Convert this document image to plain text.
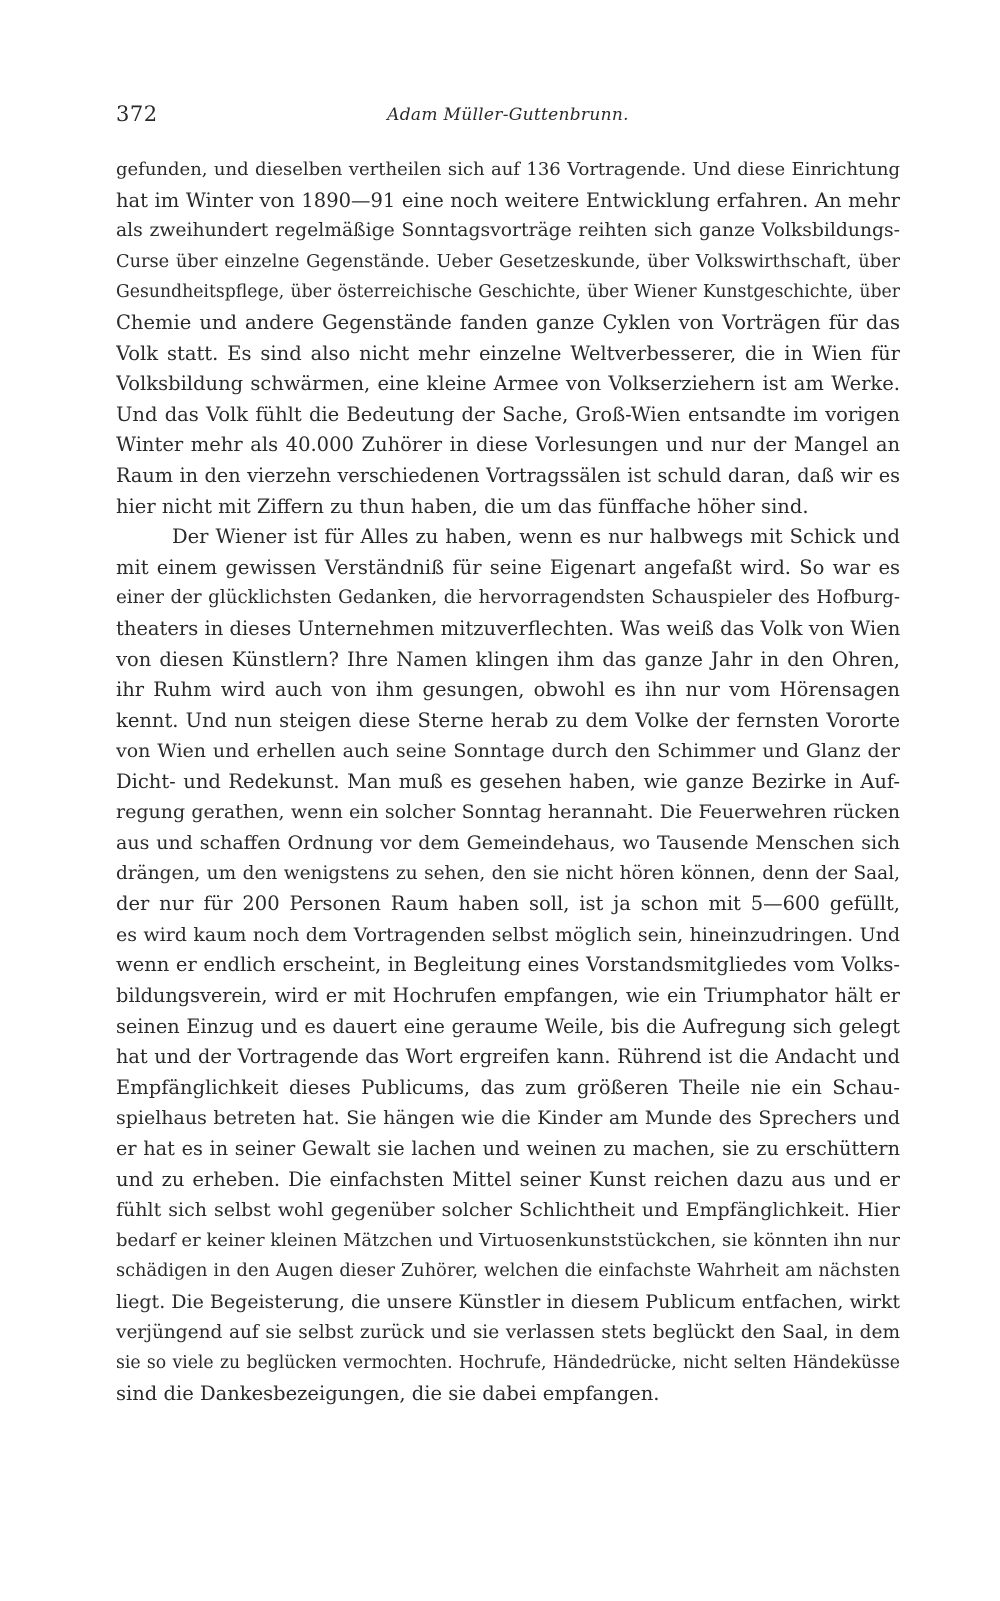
372	Adam Müller-Guttenbrunn.
gefunden, und dieselben vertheilen sich auf 136 Vortragende. Und diese Einrichtung
hat im Winter von 1890—91 eine noch weitere Entwicklung erfahren. An mehr
als zweihundert regelmäßige Sonntagsvorträge reihten sich ganze Volksbildungs-
Curse über einzelne Gegenstände. Ueber Gesetzeskunde, über Volkswirthschaft, über
Gesundheitspflege, über österreichische Geschichte, über Wiener Kunstgeschichte, über
Chemie und andere Gegenstände fanden ganze Cyklen von Vorträgen für das
Volk statt. Es sind also nicht mehr einzelne Weltverbesserer, die in Wien für
Volksbildung schwärmen, eine kleine Armee von Volkserziehern ist am Werke.
Und das Volk fühlt die Bedeutung der Sache, Groß-Wien entsandte im vorigen
Winter mehr als 40.000 Zuhörer in diese Vorlesungen und nur der Mangel an
Raum in den vierzehn verschiedenen Vortragssälen ist schuld daran, daß wir es
hier nicht mit Ziffern zu thun haben, die um das fünffache höher sind.
Der Wiener ist für Alles zu haben, wenn es nur halbwegs mit Schick und
mit einem gewissen Verständniß für seine Eigenart angefaßt wird. So war es
einer der glücklichsten Gedanken, die hervorragendsten Schauspieler des Hofburg-
theaters in dieses Unternehmen mitzuverflechten. Was weiß das Volk von Wien
von diesen Künstlern? Ihre Namen klingen ihm das ganze Jahr in den Ohren,
ihr Ruhm wird auch von ihm gesungen, obwohl es ihn nur vom Hörensagen
kennt. Und nun steigen diese Sterne herab zu dem Volke der fernsten Vororte
von Wien und erhellen auch seine Sonntage durch den Schimmer und Glanz der
Dicht- und Redekunst. Man muß es gesehen haben, wie ganze Bezirke in Auf-
regung gerathen, wenn ein solcher Sonntag herannaht. Die Feuerwehren rücken
aus und schaffen Ordnung vor dem Gemeindehaus, wo Tausende Menschen sich
drängen, um den wenigstens zu sehen, den sie nicht hören können, denn der Saal,
der nur für 200 Personen Raum haben soll, ist ja schon mit 5—600 gefüllt,
es wird kaum noch dem Vortragenden selbst möglich sein, hineinzudringen. Und
wenn er endlich erscheint, in Begleitung eines Vorstandsmitgliedes vom Volks-
bildungsverein, wird er mit Hochrufen empfangen, wie ein Triumphator hält er
seinen Einzug und es dauert eine geraume Weile, bis die Aufregung sich gelegt
hat und der Vortragende das Wort ergreifen kann. Rührend ist die Andacht und
Empfänglichkeit dieses Publicums, das zum größeren Theile nie ein Schau-
spielhaus betreten hat. Sie hängen wie die Kinder am Munde des Sprechers und
er hat es in seiner Gewalt sie lachen und weinen zu machen, sie zu erschüttern
und zu erheben. Die einfachsten Mittel seiner Kunst reichen dazu aus und er
fühlt sich selbst wohl gegenüber solcher Schlichtheit und Empfänglichkeit. Hier
bedarf er keiner kleinen Mätzchen und Virtuosenkunststückchen, sie könnten ihn nur
schädigen in den Augen dieser Zuhörer, welchen die einfachste Wahrheit am nächsten
liegt. Die Begeisterung, die unsere Künstler in diesem Publicum entfachen, wirkt
verjüngend auf sie selbst zurück und sie verlassen stets beglückt den Saal, in dem
sie so viele zu beglücken vermochten. Hochrufe, Händedrücke, nicht selten Händeküsse
sind die Dankesbezeigungen, die sie dabei empfangen.
